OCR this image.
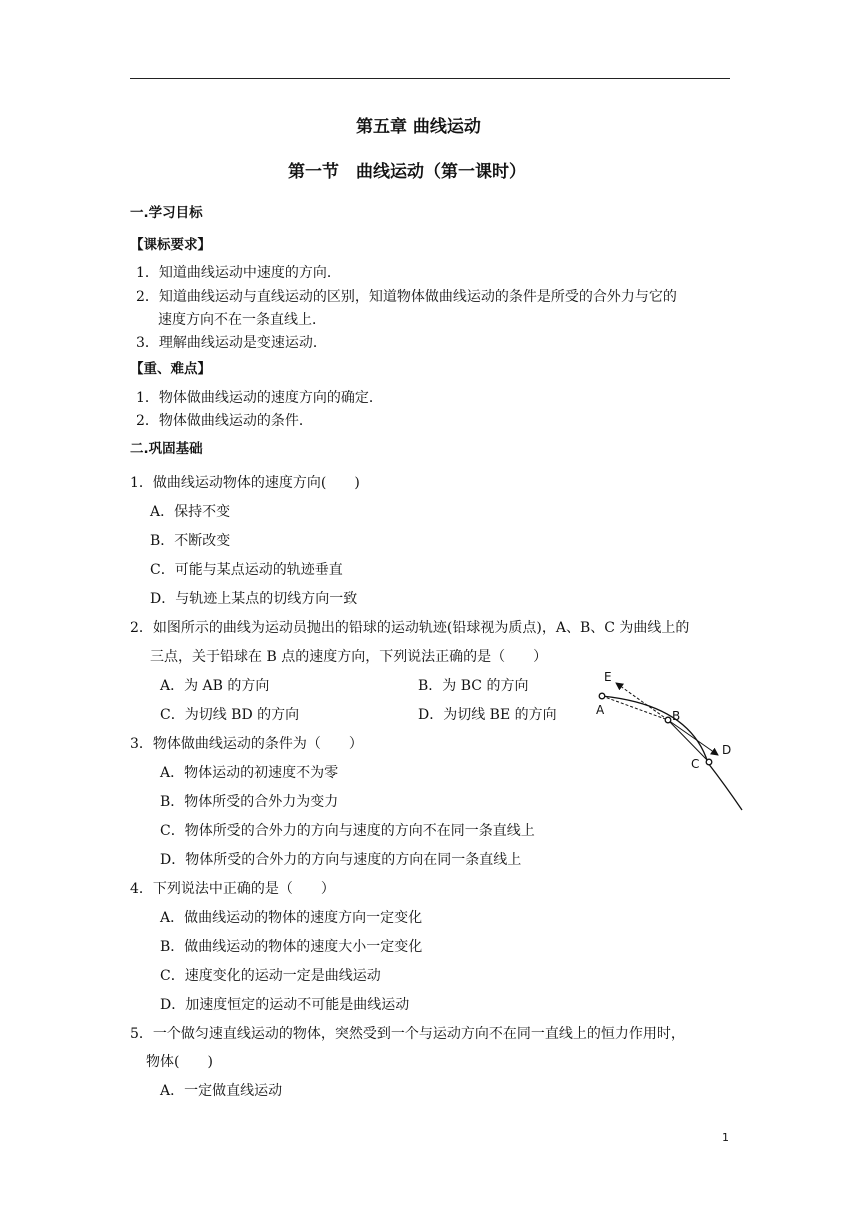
第五章 曲线运动
第一节　曲线运动（第一课时）
一.学习目标
【课标要求】
1．知道曲线运动中速度的方向．
2．知道曲线运动与直线运动的区别，知道物体做曲线运动的条件是所受的合外力与它的
速度方向不在一条直线上．
3．理解曲线运动是变速运动．
【重、难点】
1．物体做曲线运动的速度方向的确定．
2．物体做曲线运动的条件．
二.巩固基础
1．做曲线运动物体的速度方向(　　)
A．保持不变
B．不断改变
C．可能与某点运动的轨迹垂直
D．与轨迹上某点的切线方向一致
2．如图所示的曲线为运动员抛出的铅球的运动轨迹(铅球视为质点)，A、B、C 为曲线上的
三点，关于铅球在 B 点的速度方向，下列说法正确的是（　　）
A．为 AB 的方向	B．为 BC 的方向
C．为切线 BD 的方向	D．为切线 BE 的方向
E
A	B
D
C
3．物体做曲线运动的条件为（　　）
A．物体运动的初速度不为零
B．物体所受的合外力为变力
C．物体所受的合外力的方向与速度的方向不在同一条直线上
D．物体所受的合外力的方向与速度的方向在同一条直线上
4．下列说法中正确的是（　　）
A．做曲线运动的物体的速度方向一定变化
B．做曲线运动的物体的速度大小一定变化
C．速度变化的运动一定是曲线运动
D．加速度恒定的运动不可能是曲线运动
5．一个做匀速直线运动的物体，突然受到一个与运动方向不在同一直线上的恒力作用时，
物体(　　)
A．一定做直线运动
1
